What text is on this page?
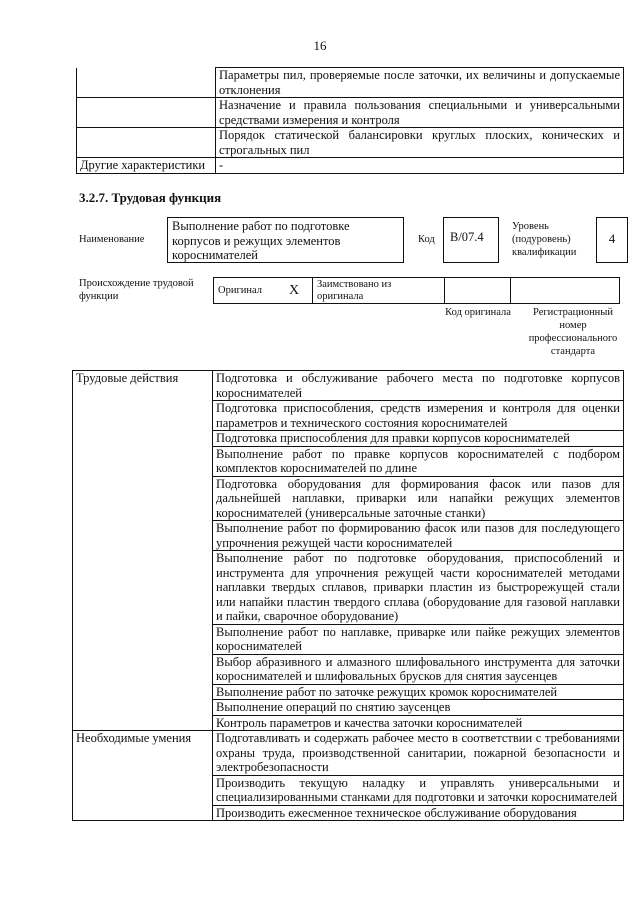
16
	Параметры пил, проверяемые после заточки, их величины и допускаемые отклонения
	Назначение и правила пользования специальными и универсальными средствами измерения и контроля
	Порядок статической балансировки круглых плоских, конических и строгальных пил
Другие характеристики	-
3.2.7. Трудовая функция
Наименование
Выполнение работ по подготовке корпусов и режущих элементов короснимателей
Код	B/07.4
Уровень (подуровень) квалификации
4
Происхождение трудовой функции
Оригинал	X	Заимствовано из оригинала		
Код оригинала	Регистрационный номер профессионального стандарта
Трудовые действия	Подготовка и обслуживание рабочего места по подготовке корпусов короснимателей
	Подготовка приспособления, средств измерения и контроля для оценки параметров и технического состояния короснимателей
	Подготовка приспособления для правки корпусов короснимателей
	Выполнение работ по правке корпусов короснимателей с подбором комплектов короснимателей по длине
	Подготовка оборудования для формирования фасок или пазов для дальнейшей наплавки, приварки или напайки режущих элементов короснимателей (универсальные заточные станки)
	Выполнение работ по формированию фасок или пазов для последующего упрочнения режущей части короснимателей
	Выполнение работ по подготовке оборудования, приспособлений и инструмента для упрочнения режущей части короснимателей методами наплавки твердых сплавов, приварки пластин из быстрорежущей стали или напайки пластин твердого сплава (оборудование для газовой наплавки и пайки, сварочное оборудование)
	Выполнение работ по наплавке, приварке или пайке режущих элементов короснимателей
	Выбор абразивного и алмазного шлифовального инструмента для заточки короснимателей и шлифовальных брусков для снятия заусенцев
	Выполнение работ по заточке режущих кромок короснимателей
	Выполнение операций по снятию заусенцев
	Контроль параметров и качества заточки короснимателей
Необходимые умения	Подготавливать и содержать рабочее место в соответствии с требованиями охраны труда, производственной санитарии, пожарной безопасности и электробезопасности
	Производить текущую наладку и управлять универсальными и специализированными станками для подготовки и заточки короснимателей
	Производить ежесменное техническое обслуживание оборудования
